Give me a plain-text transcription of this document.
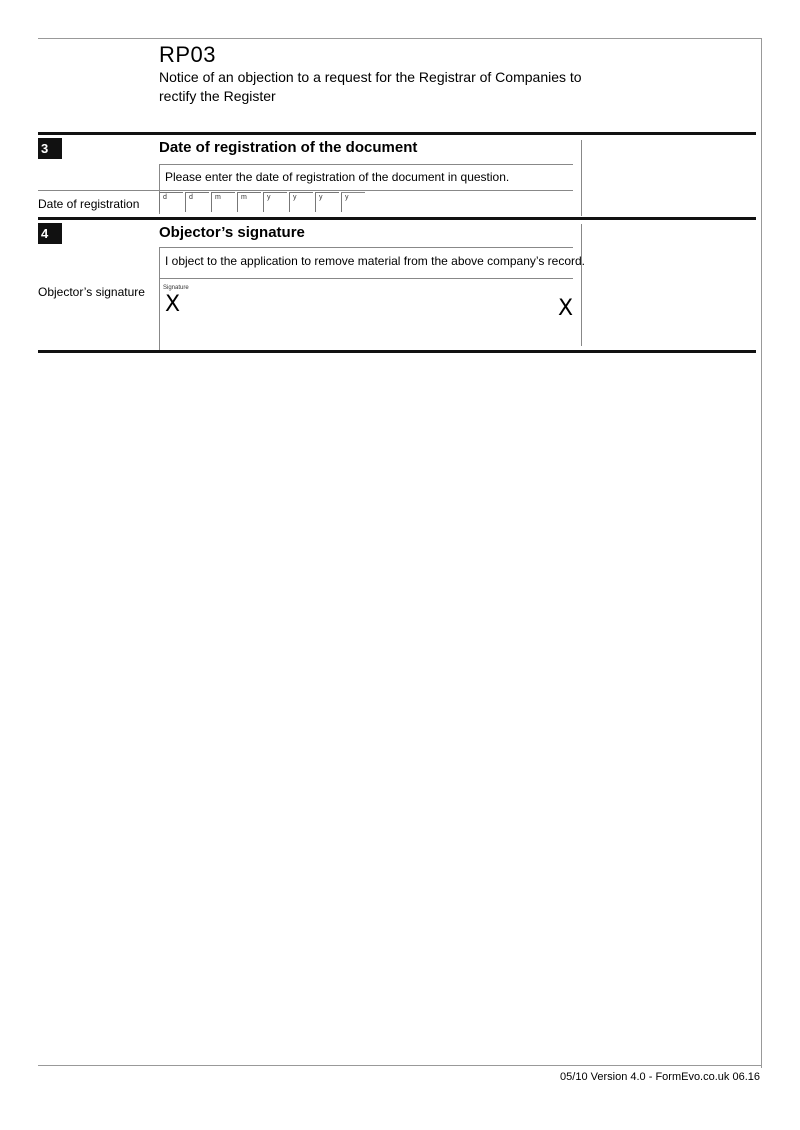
RP03
Notice of an objection to a request for the Registrar of Companies to rectify the Register
3	Date of registration of the document
Please enter the date of registration of the document in question.
Date of registration	d	d	m	m	y	y	y	y
4	Objector’s signature
I object to the application to remove material from the above company’s record.
Objector’s signature	Signature
X	X
05/10 Version 4.0 - FormEvo.co.uk 06.16
